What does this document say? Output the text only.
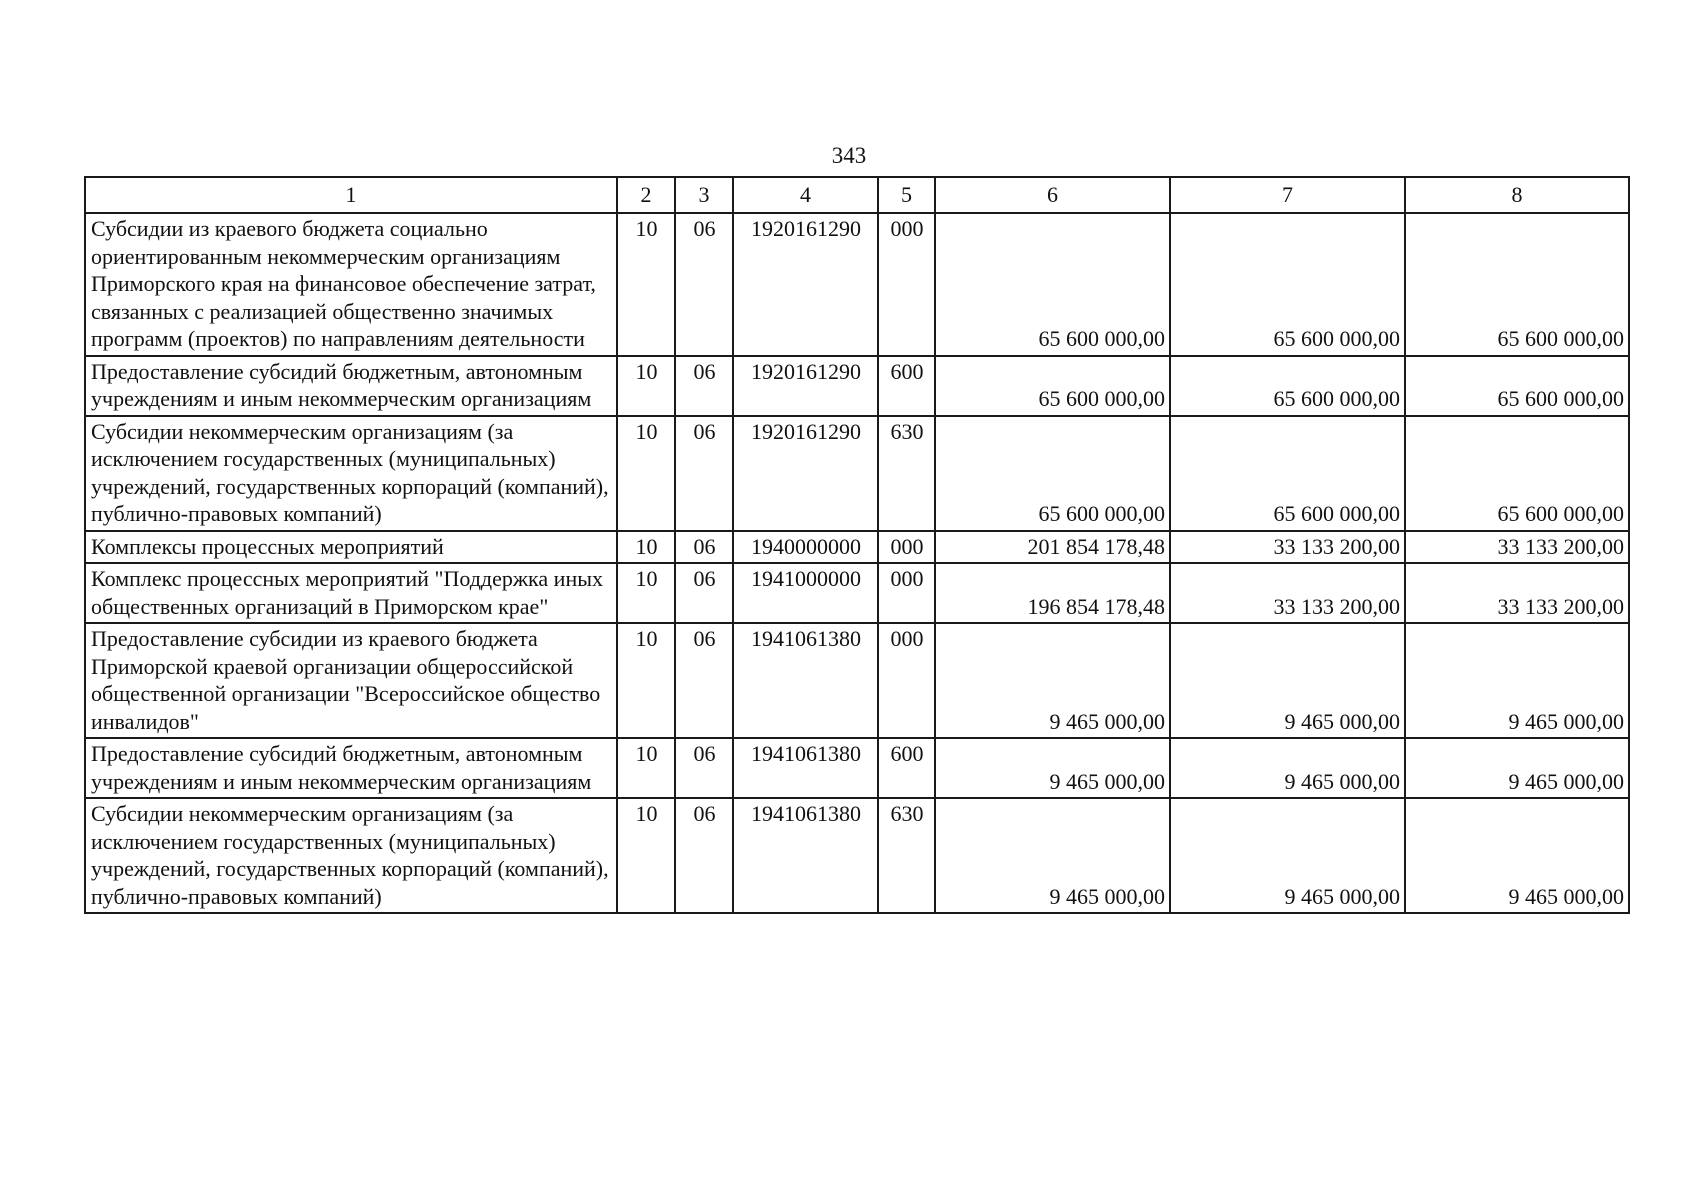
343
1	2	3	4	5	6	7	8
Субсидии из краевого бюджета социально ориентированным некоммерческим организациям Приморского края на финансовое обеспечение затрат, связанных с реализацией общественно значимых программ (проектов) по направлениям деятельности	10	06	1920161290	000	65 600 000,00	65 600 000,00	65 600 000,00
Предоставление субсидий бюджетным, автономным учреждениям и иным некоммерческим организациям	10	06	1920161290	600	65 600 000,00	65 600 000,00	65 600 000,00
Субсидии некоммерческим организациям (за исключением государственных (муниципальных) учреждений, государственных корпораций (компаний), публично-правовых компаний)	10	06	1920161290	630	65 600 000,00	65 600 000,00	65 600 000,00
Комплексы процессных мероприятий	10	06	1940000000	000	201 854 178,48	33 133 200,00	33 133 200,00
Комплекс процессных мероприятий "Поддержка иных общественных организаций в Приморском крае"	10	06	1941000000	000	196 854 178,48	33 133 200,00	33 133 200,00
Предоставление субсидии из краевого бюджета Приморской краевой организации общероссийской общественной организации "Всероссийское общество инвалидов"	10	06	1941061380	000	9 465 000,00	9 465 000,00	9 465 000,00
Предоставление субсидий бюджетным, автономным учреждениям и иным некоммерческим организациям	10	06	1941061380	600	9 465 000,00	9 465 000,00	9 465 000,00
Субсидии некоммерческим организациям (за исключением государственных (муниципальных) учреждений, государственных корпораций (компаний), публично-правовых компаний)	10	06	1941061380	630	9 465 000,00	9 465 000,00	9 465 000,00
